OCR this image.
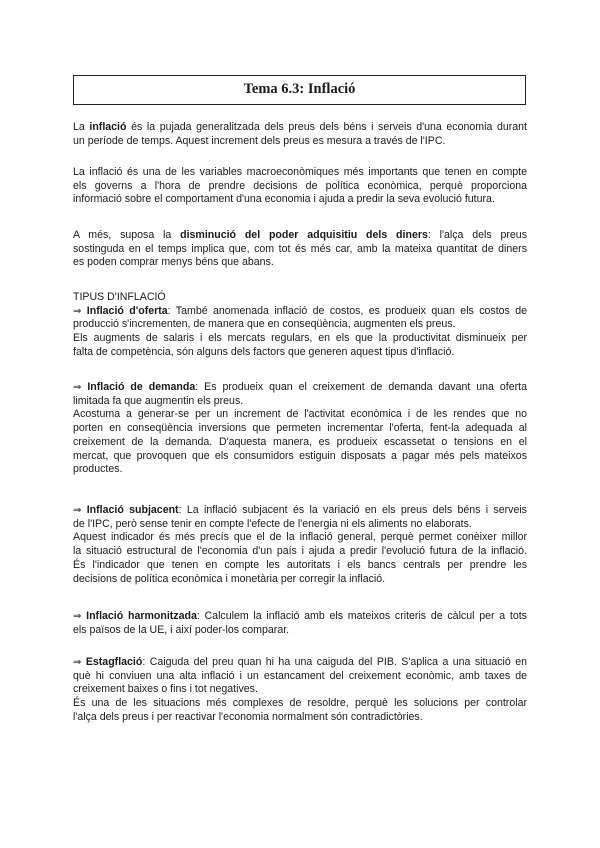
Tema 6.3: Inflació
La inflació és la pujada generalitzada dels preus dels béns i serveis d'una economia durant
un període de temps. Aquest increment dels preus es mesura a través de l'IPC.
La inflació és una de les variables macroeconòmiques més importants que tenen en compte
els governs a l'hora de prendre decisions de política econòmica, perquè proporciona
informació sobre el comportament d'una economia i ajuda a predir la seva evolució futura.
A més, suposa la disminució del poder adquisitiu dels diners: l'alça dels preus
sostinguda en el temps implica que, com tot és més car, amb la mateixa quantitat de diners
es poden comprar menys béns que abans.
TIPUS D'INFLACIÓ
⇒ Inflació d'oferta: També anomenada inflació de costos, es produeix quan els costos de
producció s'incrementen, de manera que en conseqüència, augmenten els preus.
Els augments de salaris i els mercats regulars, en els que la productivitat disminueix per
falta de competència, són alguns dels factors que generen aquest tipus d'inflació.
⇒ Inflació de demanda: Es produeix quan el creixement de demanda davant una oferta
limitada fa que augmentin els preus.
Acostuma a generar-se per un increment de l'activitat econòmica i de les rendes que no
porten en conseqüència inversions que permeten incrementar l'oferta, fent-la adequada al
creixement de la demanda. D'aquesta manera, es produeix escassetat o tensions en el
mercat, que provoquen que els consumidors estiguin disposats a pagar més pels mateixos
productes.
⇒ Inflació subjacent: La inflació subjacent és la variació en els preus dels béns i serveis
de l'IPC, però sense tenir en compte l'efecte de l'energia ni els aliments no elaborats.
Aquest indicador és més precís que el de la inflació general, perquè permet conèixer millor
la situació estructural de l'economia d'un país i ajuda a predir l'evolució futura de la inflació.
És l'indicador que tenen en compte les autoritats i els bancs centrals per prendre les
decisions de política econòmica i monetària per corregir la inflació.
⇒ Inflació harmonitzada: Calculem la inflació amb els mateixos criteris de càlcul per a tots
els països de la UE, i així poder-los comparar.
⇒ Estagflació: Caiguda del preu quan hi ha una caiguda del PIB. S'aplica a una situació en
què hi conviuen una alta inflació i un estancament del creixement econòmic, amb taxes de
creixement baixes o fins i tot negatives.
És una de les situacions més complexes de resoldre, perquè les solucions per controlar
l'alça dels preus i per reactivar l'economia normalment són contradictòries.
